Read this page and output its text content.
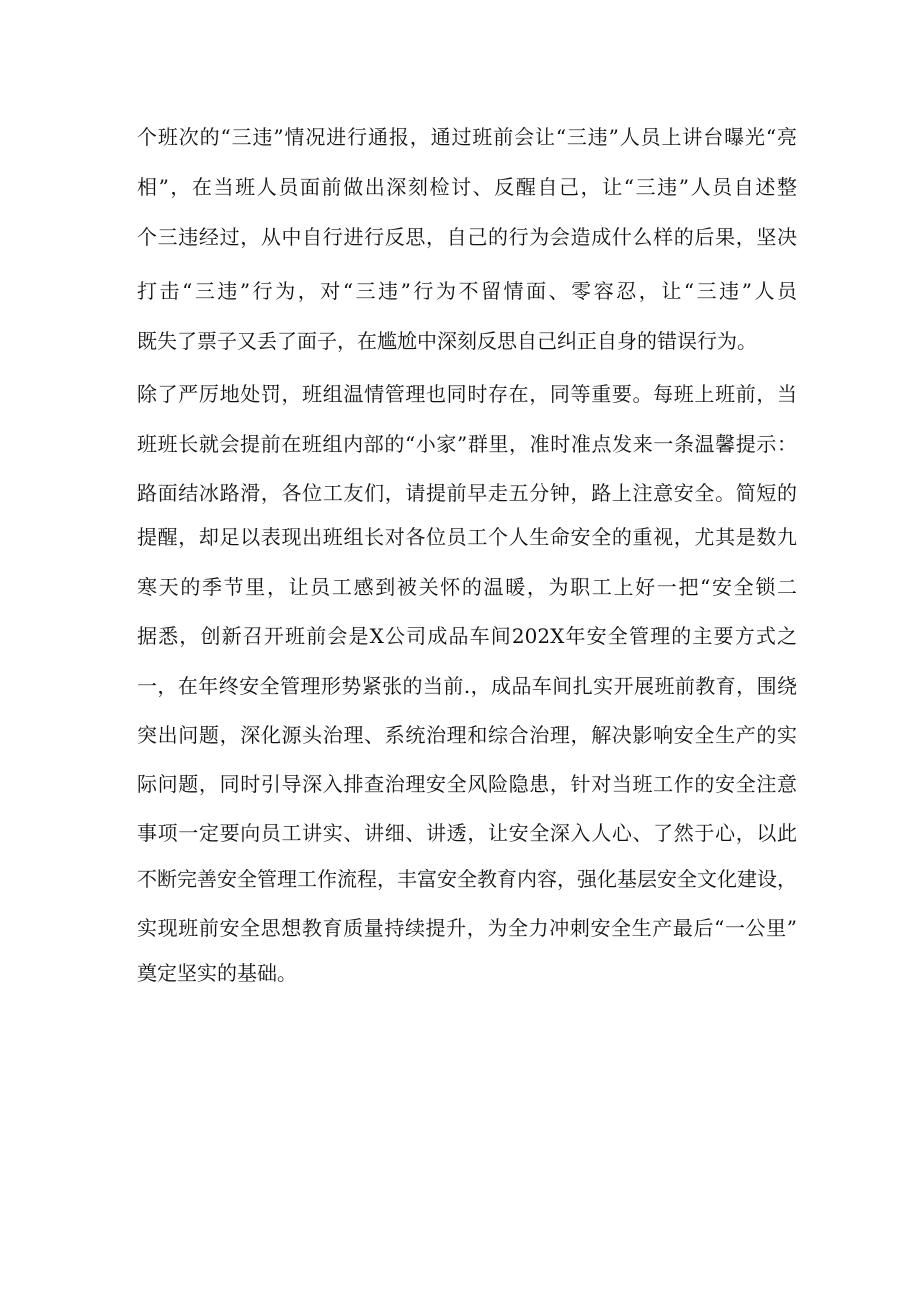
个班次的“三违”情况进行通报，通过班前会让“三违”人员上讲台曝光“亮
相”，在当班人员面前做出深刻检讨、反醒自己，让“三违”人员自述整
个三违经过，从中自行进行反思，自己的行为会造成什么样的后果，坚决
打击“三违”行为，对“三违”行为不留情面、零容忍，让“三违”人员
既失了票子又丢了面子，在尴尬中深刻反思自己纠正自身的错误行为。
除了严厉地处罚，班组温情管理也同时存在，同等重要。每班上班前，当
班班长就会提前在班组内部的“小家”群里，准时准点发来一条温馨提示：
路面结冰路滑，各位工友们，请提前早走五分钟，路上注意安全。简短的
提醒，却足以表现出班组长对各位员工个人生命安全的重视，尤其是数九
寒天的季节里，让员工感到被关怀的温暖，为职工上好一把“安全锁二
据悉，创新召开班前会是X公司成品车间202X年安全管理的主要方式之
一，在年终安全管理形势紧张的当前.，成品车间扎实开展班前教育，围绕
突出问题，深化源头治理、系统治理和综合治理，解决影响安全生产的实
际问题，同时引导深入排查治理安全风险隐患，针对当班工作的安全注意
事项一定要向员工讲实、讲细、讲透，让安全深入人心、了然于心，以此
不断完善安全管理工作流程，丰富安全教育内容，强化基层安全文化建设，
实现班前安全思想教育质量持续提升，为全力冲刺安全生产最后“一公里”
奠定坚实的基础。
